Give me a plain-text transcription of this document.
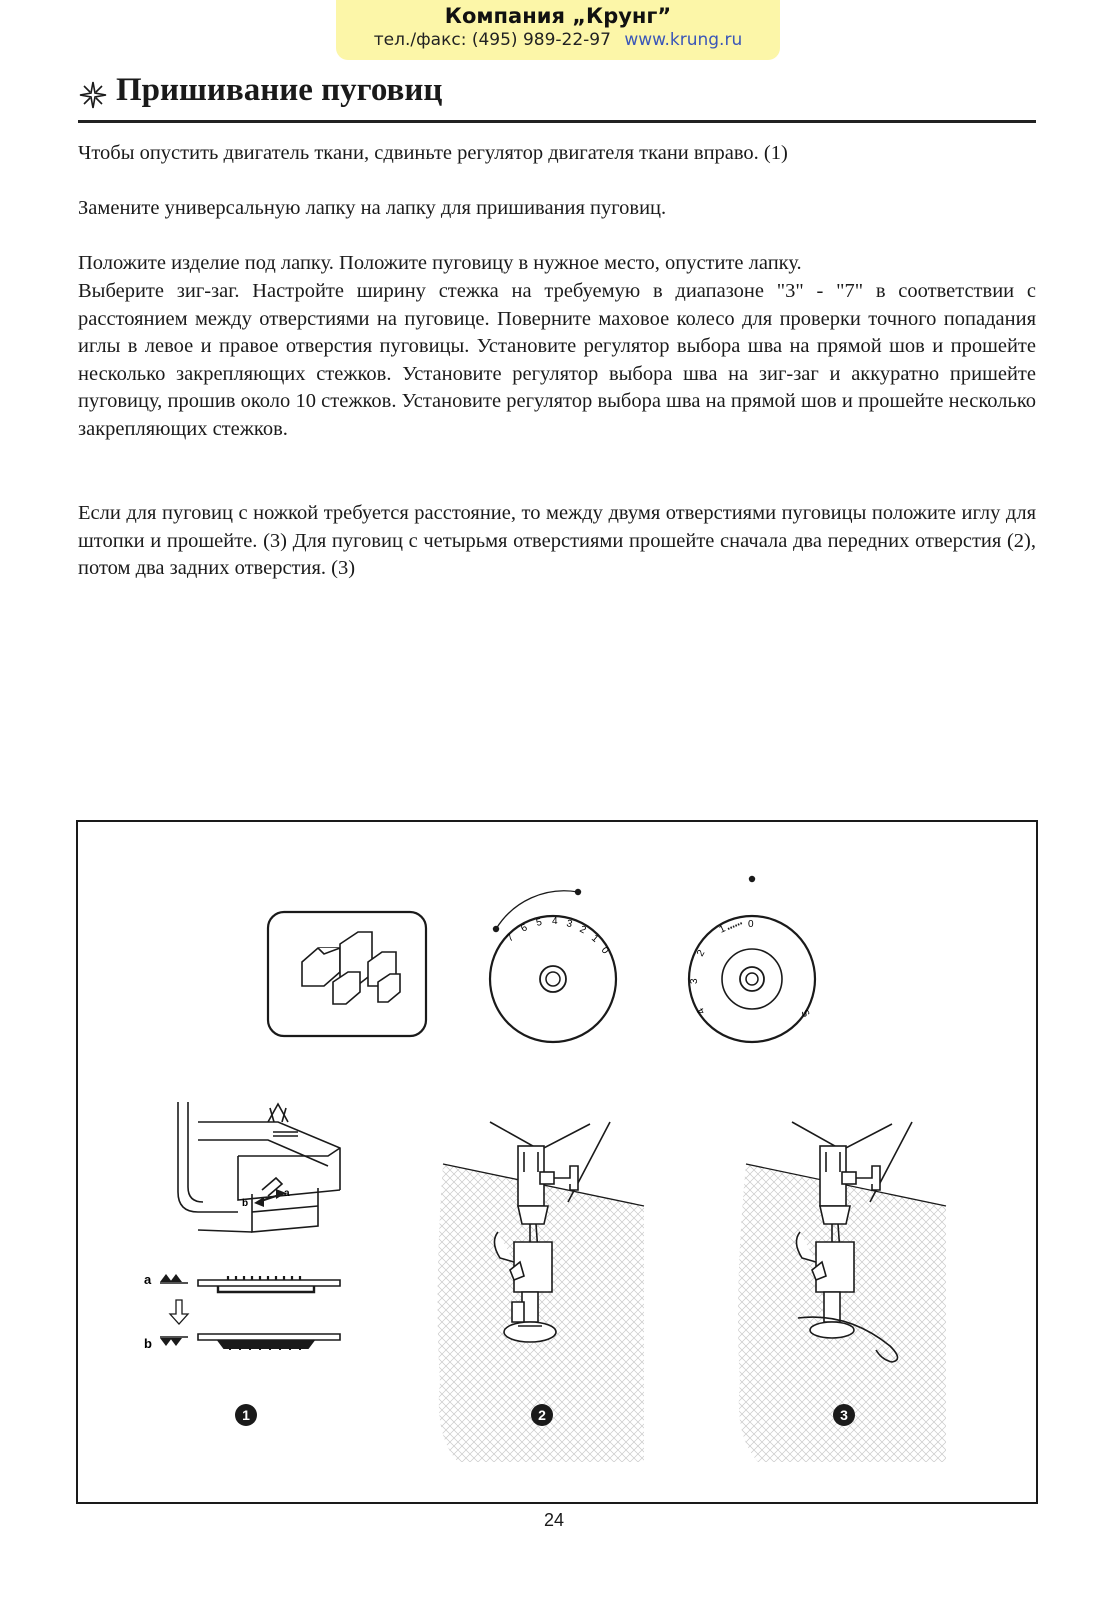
Компания „Крунг”
тел./факс: (495) 989-22-97 www.krung.ru
Пришивание пуговиц
Чтобы опустить двигатель ткани, сдвиньте регулятор двигателя ткани вправо. (1)
Замените универсальную лапку на лапку для пришивания пуговиц.
Положите изделие под лапку. Положите пуговицу в нужное место, опустите лапку.
Выберите зиг-заг. Настройте ширину стежка на требуемую в диапазоне "3" - "7" в соответствии с расстоянием между отверстиями на пуговице. Поверните маховое колесо для проверки точного попадания иглы в левое и правое отверстия пуговицы. Установите регулятор выбора шва на прямой шов и прошейте несколько закрепляющих стежков. Установите регулятор выбора шва на зиг-заг и аккуратно пришейте пуговицу, прошив около 10 стежков. Установите регулятор выбора шва на прямой шов и прошейте несколько закрепляющих стежков.
Если для пуговиц с ножкой требуется расстояние, то между двумя отверстиями пуговицы положите иглу для штопки и прошейте. (3) Для пуговиц с четырьмя отверстиями прошейте сначала два передних отверстия (2), потом два задних отверстия. (3)
7
6 5 4 3 2
1
0
1 0
2
3
4	S
b
a
a
b
1	2	3
24
